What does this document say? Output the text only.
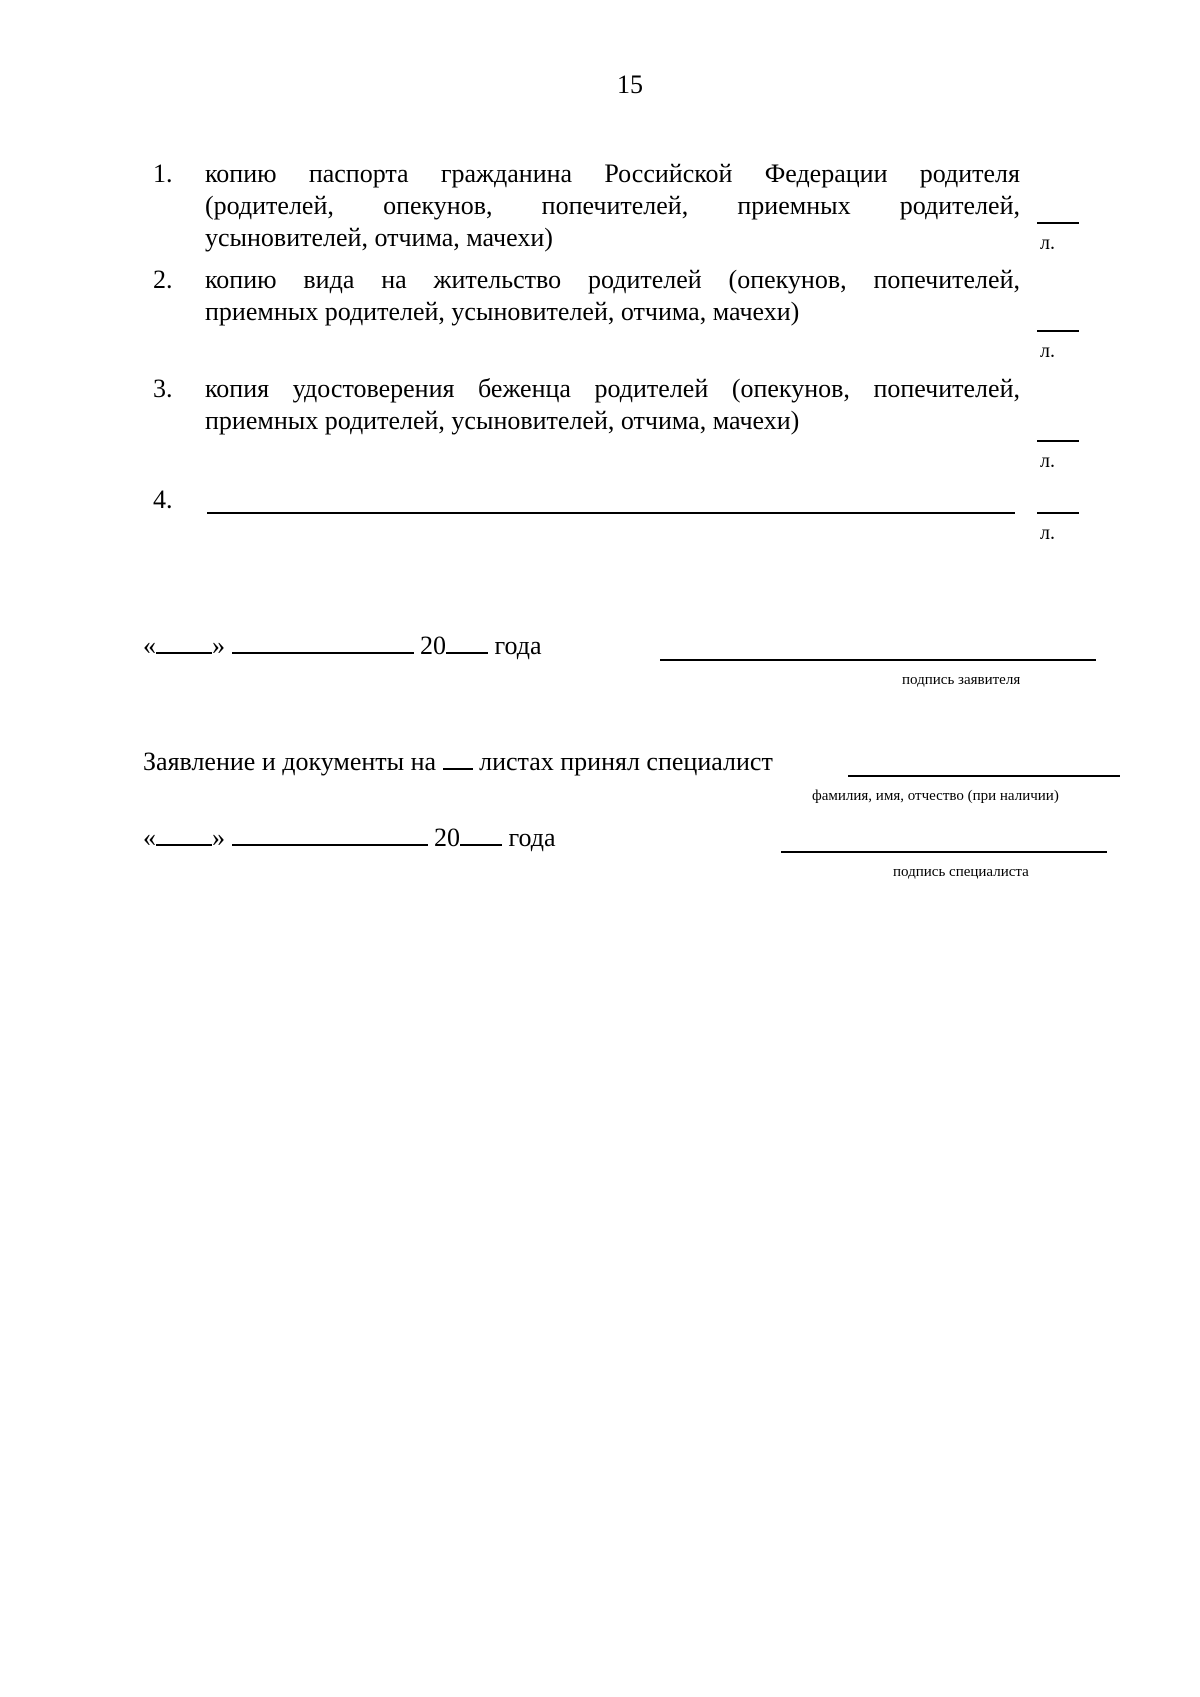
15
1. копию паспорта гражданина Российской Федерации родителя
(родителей, опекунов, попечителей, приемных родителей,
усыновителей, отчима, мачехи)	л.
2. копию вида на жительство родителей (опекунов, попечителей,
приемных родителей, усыновителей, отчима, мачехи)
л.
3. копия удостоверения беженца родителей (опекунов, попечителей,
приемных родителей, усыновителей, отчима, мачехи)
л.
4.
л.
« »	20 года
подпись заявителя
Заявление и документы на листах принял специалист
фамилия, имя, отчество (при наличии)
« »	20 года
подпись специалиста
